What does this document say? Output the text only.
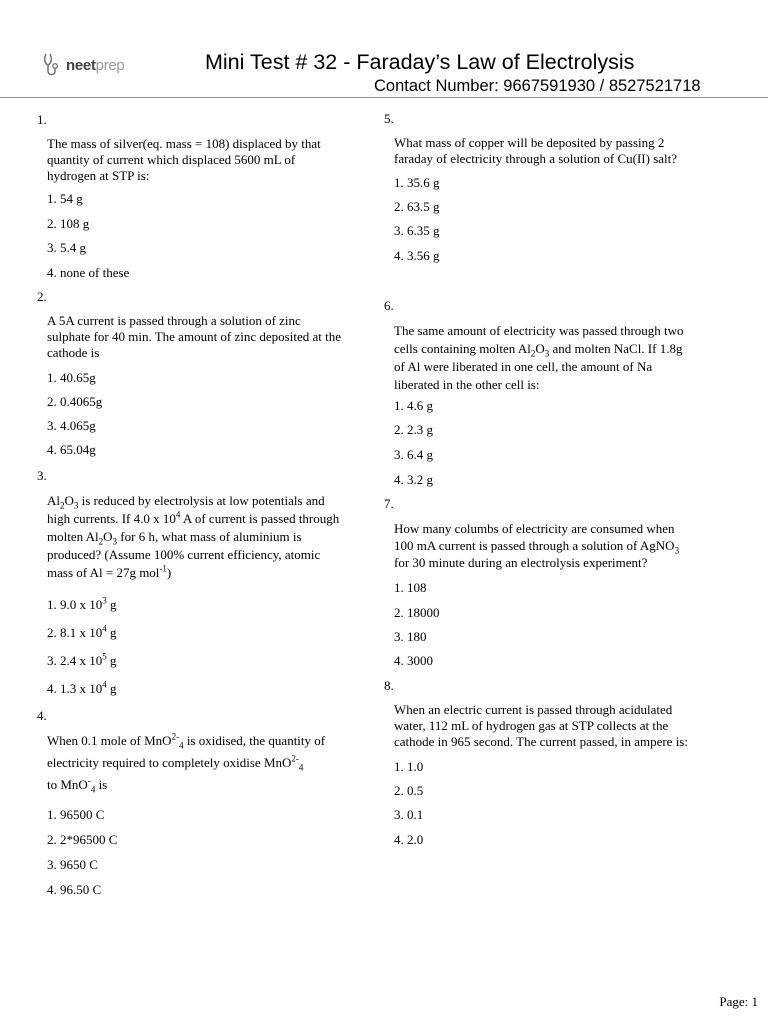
neet prep	Mini Test # 32 - Faraday’s Law of Electrolysis
Contact Number: 9667591930 / 8527521718
1.
The mass of silver(eq. mass = 108) displaced by that
quantity of current which displaced 5600 mL of
hydrogen at STP is:
1. 54 g
2. 108 g
3. 5.4 g
4. none of these
2.
A 5A current is passed through a solution of zinc
sulphate for 40 min. The amount of zinc deposited at the
cathode is
1. 40.65g
2. 0.4065g
3. 4.065g
4. 65.04g
3.
$Al_2O_3$ is reduced by electrolysis at low potentials and
high currents. If 4.0 x $10^4$ A of current is passed through
molten $Al_2O_3$ for 6 h, what mass of aluminium is
produced? (Assume 100% current efficiency, atomic
mass of Al = 27g mol$^{-1}$)
1. 9.0 x $10^3$ g
2. 8.1 x $10^4$ g
3. 2.4 x $10^5$ g
4. 1.3 x $10^4$ g
4.
When 0.1 mole of MnO$^{2-}_4$ is oxidised, the quantity of
electricity required to completely oxidise MnO$^{2-}_4$
to MnO-$_4$ is
1. 96500 C
2. 2*96500 C
3. 9650 C
4. 96.50 C
5.
What mass of copper will be deposited by passing 2
faraday of electricity through a solution of Cu(II) salt?
1. 35.6 g
2. 63.5 g
3. 6.35 g
4. 3.56 g
6.
The same amount of electricity was passed through two
cells containing molten $Al_2O_3$ and molten NaCl. If 1.8g
of Al were liberated in one cell, the amount of Na
liberated in the other cell is:
1. 4.6 g
2. 2.3 g
3. 6.4 g
4. 3.2 g
7.
How many columbs of electricity are consumed when
100 mA current is passed through a solution of AgNO$_3$
for 30 minute during an electrolysis experiment?
1. 108
2. 18000
3. 180
4. 3000
8.
When an electric current is passed through acidulated
water, 112 mL of hydrogen gas at STP collects at the
cathode in 965 second. The current passed, in ampere is:
1. 1.0
2. 0.5
3. 0.1
4. 2.0
Page: 1
